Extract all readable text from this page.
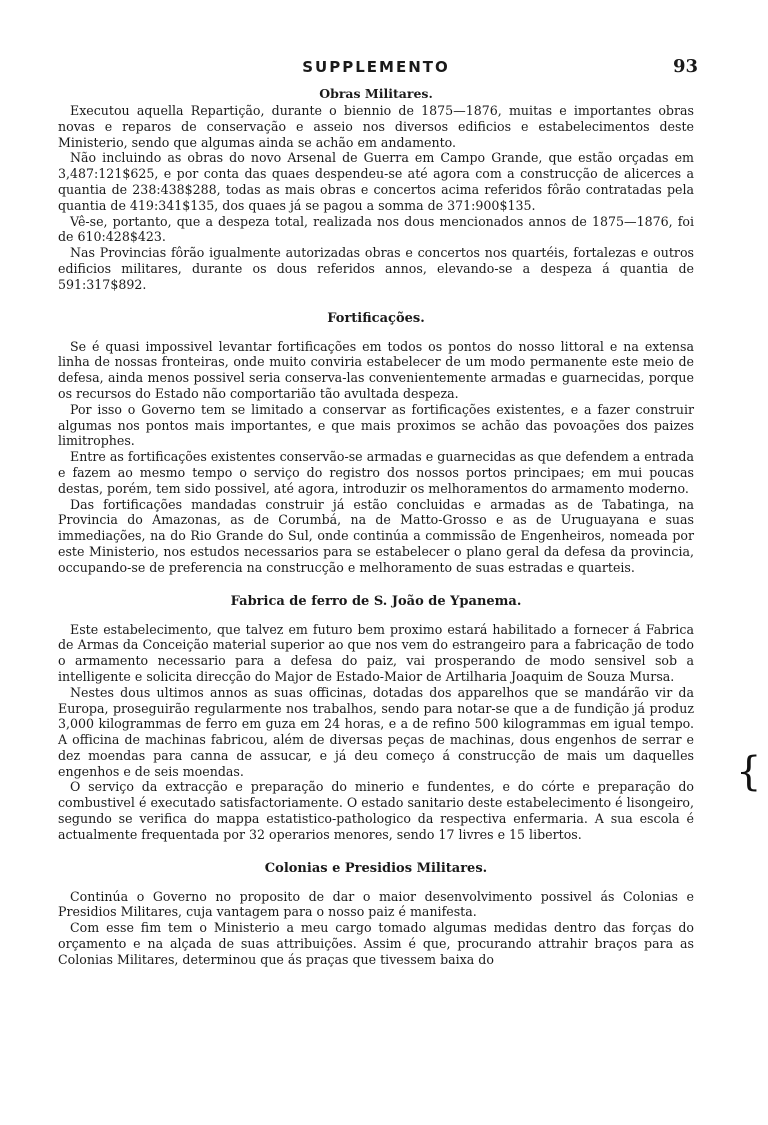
SUPPLEMENTO	93
Obras Militares.

Executou aquella Repartição, durante o biennio de 1875—1876, muitas e importantes obras novas e reparos de conservação e asseio nos diversos edificios e estabelecimentos deste Ministerio, sendo que algumas ainda se achão em andamento.

Não incluindo as obras do novo Arsenal de Guerra em Campo Grande, que estão orçadas em 3,487:121$625, e por conta das quaes despendeu-se até agora com a construcção de alicerces a quantia de 238:438$288, todas as mais obras e concertos acima referidos fôrão contratadas pela quantia de 419:341$135, dos quaes já se pagou a somma de 371:900$135.

Vê-se, portanto, que a despeza total, realizada nos dous mencionados annos de 1875—1876, foi de 610:428$423.

Nas Provincias fôrão igualmente autorizadas obras e concertos nos quartéis, fortalezas e outros edificios militares, durante os dous referidos annos, elevando-se a despeza á quantia de 591:317$892.

Fortificações.

Se é quasi impossivel levantar fortificações em todos os pontos do nosso littoral e na extensa linha de nossas fronteiras, onde muito conviria estabelecer de um modo permanente este meio de defesa, ainda menos possivel seria conserva-las convenientemente armadas e guarnecidas, porque os recursos do Estado não comportarião tão avultada despeza.

Por isso o Governo tem se limitado a conservar as fortificações existentes, e a fazer construir algumas nos pontos mais importantes, e que mais proximos se achão das povoações dos paizes limitrophes.

Entre as fortificações existentes conservão-se armadas e guarnecidas as que defendem a entrada e fazem ao mesmo tempo o serviço do registro dos nossos portos principaes; em mui poucas destas, porém, tem sido possivel, até agora, introduzir os melhoramentos do armamento moderno.

Das fortificações mandadas construir já estão concluidas e armadas as de Tabatinga, na Provincia do Amazonas, as de Corumbá, na de Matto-Grosso e as de Uruguayana e suas immediações, na do Rio Grande do Sul, onde continúa a commissão de Engenheiros, nomeada por este Ministerio, nos estudos necessarios para se estabelecer o plano geral da defesa da provincia, occupando-se de preferencia na construcção e melhoramento de suas estradas e quarteis.

Fabrica de ferro de S. João de Ypanema.

Este estabelecimento, que talvez em futuro bem proximo estará habilitado a fornecer á Fabrica de Armas da Conceição material superior ao que nos vem do estrangeiro para a fabricação de todo o armamento necessario para a defesa do paiz, vai prosperando de modo sensivel sob a intelligente e solicita direcção do Major de Estado-Maior de Artilharia Joaquim de Souza Mursa.

Nestes dous ultimos annos as suas officinas, dotadas dos apparelhos que se mandárão vir da Europa, proseguirão regularmente nos trabalhos, sendo para notar-se que a de fundição já produz 3,000 kilogrammas de ferro em guza em 24 horas, e a de refino 500 kilogrammas em igual tempo. A officina de machinas fabricou, além de diversas peças de machinas, dous engenhos de serrar e dez moendas para canna de assucar, e já deu começo á construcção de mais um daquelles engenhos e de seis moendas.

O serviço da extracção e preparação do minerio e fundentes, e do córte e preparação do combustivel é executado satisfactoriamente. O estado sanitario deste estabelecimento é lisongeiro, segundo se verifica do mappa estatistico-pathologico da respectiva enfermaria. A sua escola é actualmente frequentada por 32 operarios menores, sendo 17 livres e 15 libertos.

Colonias e Presidios Militares.

Continúa o Governo no proposito de dar o maior desenvolvimento possivel ás Colonias e Presidios Militares, cuja vantagem para o nosso paiz é manifesta.

Com esse fim tem o Ministerio a meu cargo tomado algumas medidas dentro das forças do orçamento e na alçada de suas attribuições. Assim é que, procurando attrahir braços para as Colonias Militares, determinou que ás praças que tivessem baixa do

{
